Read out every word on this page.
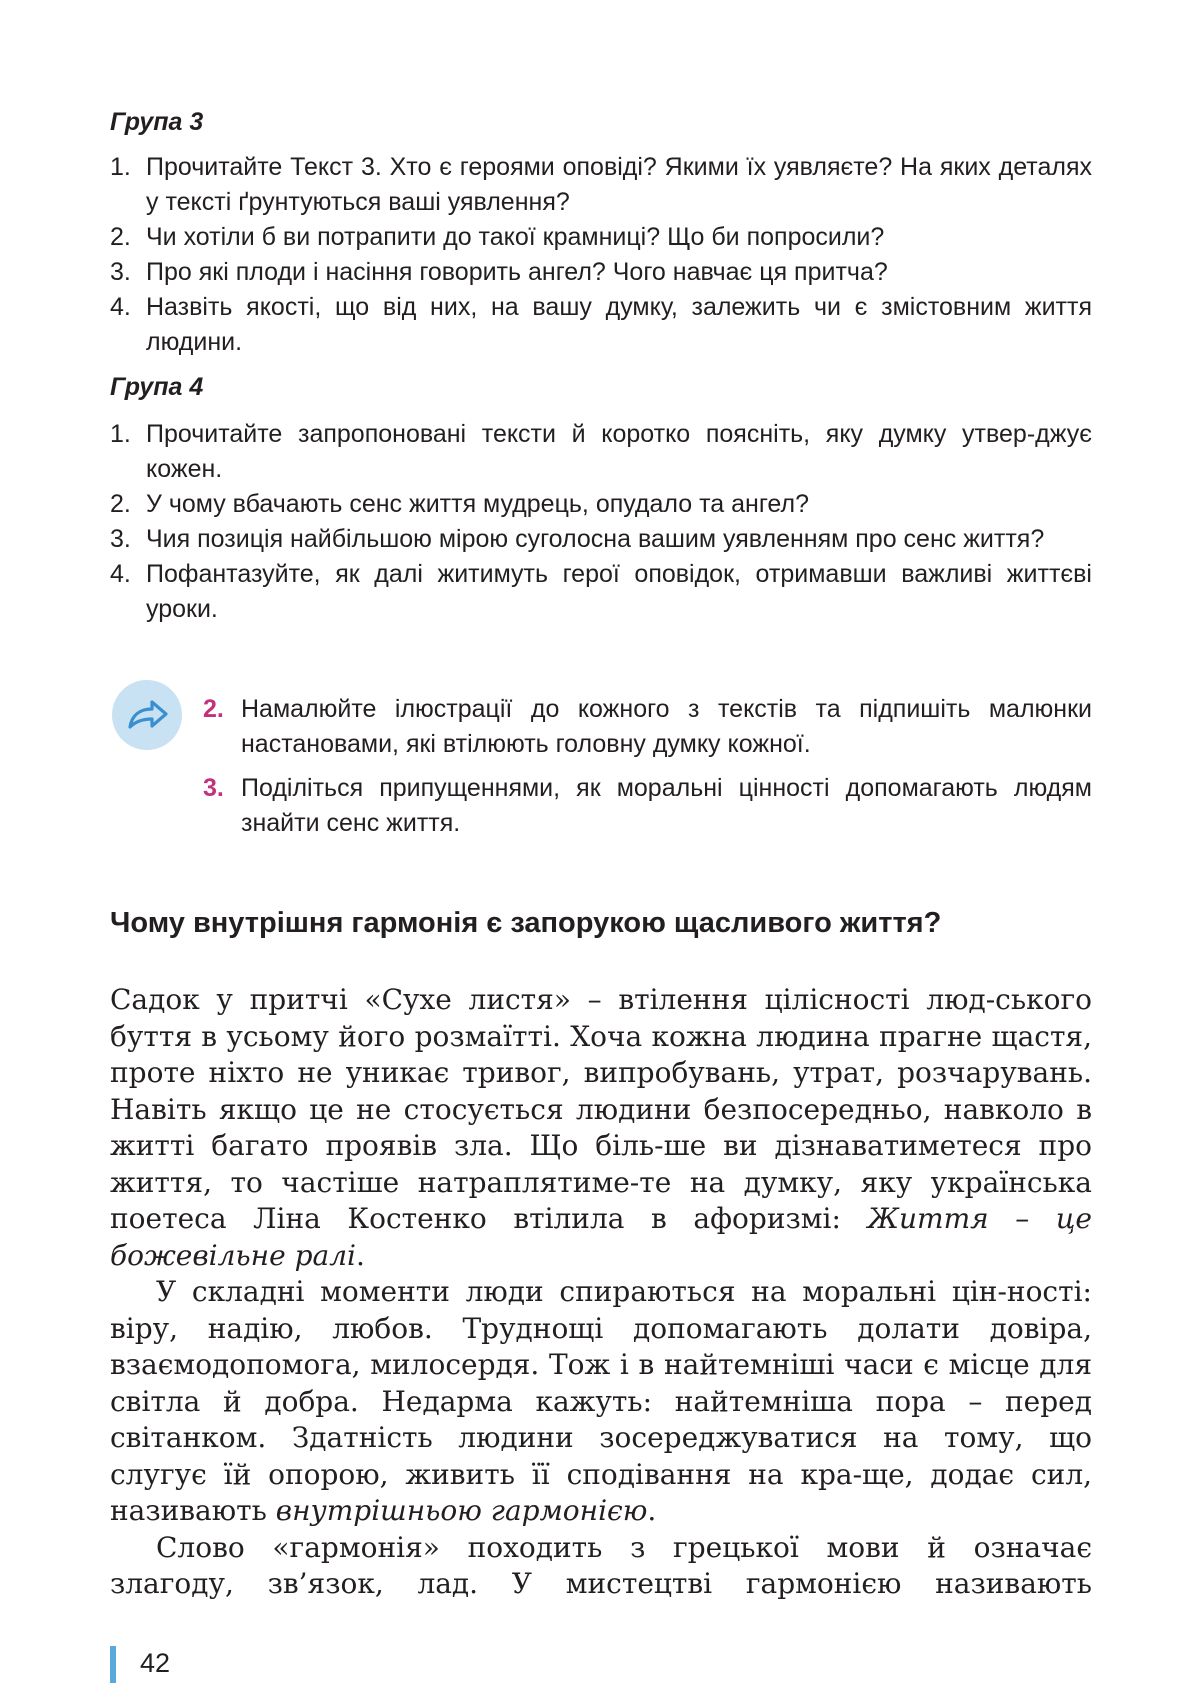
Група 3
1. Прочитайте Текст 3. Хто є героями оповіді? Якими їх уявляєте? На яких деталях у тексті ґрунтуються ваші уявлення?
2. Чи хотіли б ви потрапити до такої крамниці? Що би попросили?
3. Про які плоди і насіння говорить ангел? Чого навчає ця притча?
4. Назвіть якості, що від них, на вашу думку, залежить чи є змістовним життя людини.
Група 4
1. Прочитайте запропоновані тексти й коротко поясніть, яку думку утвер-джує кожен.
2. У чому вбачають сенс життя мудрець, опудало та ангел?
3. Чия позиція найбільшою мірою суголосна вашим уявленням про сенс життя?
4. Пофантазуйте, як далі житимуть герої оповідок, отримавши важливі життєві уроки.
2. Намалюйте ілюстрації до кожного з текстів та підпишіть малюнки настановами, які втілюють головну думку кожної.
3. Поділіться припущеннями, як моральні цінності допомагають людям знайти сенс життя.
Чому внутрішня гармонія є запорукою щасливого життя?

Садок у притчі «Сухе листя» – втілення цілісності люд-ського буття в усьому його розмаїтті. Хоча кожна людина прагне щастя, проте ніхто не уникає тривог, випробувань, утрат, розчарувань. Навіть якщо це не стосується людини безпосередньо, навколо в житті багато проявів зла. Що біль-ше ви дізнаватиметеся про життя, то частіше натраплятиме-те на думку, яку українська поетеса Ліна Костенко втілила в афоризмі: Життя – це божевільне ралі.

У складні моменти люди спираються на моральні цін-ності: віру, надію, любов. Труднощі допомагають долати довіра, взаємодопомога, милосердя. Тож і в найтемніші часи є місце для світла й добра. Недарма кажуть: найтемніша пора – перед світанком. Здатність людини зосереджуватися на тому, що слугує їй опорою, живить її сподівання на кра-ще, додає сил, називають внутрішньою гармонією.

Слово «гармонія» походить з грецької мови й означає злагоду, зв’язок, лад. У мистецтві гармонією називають

42
